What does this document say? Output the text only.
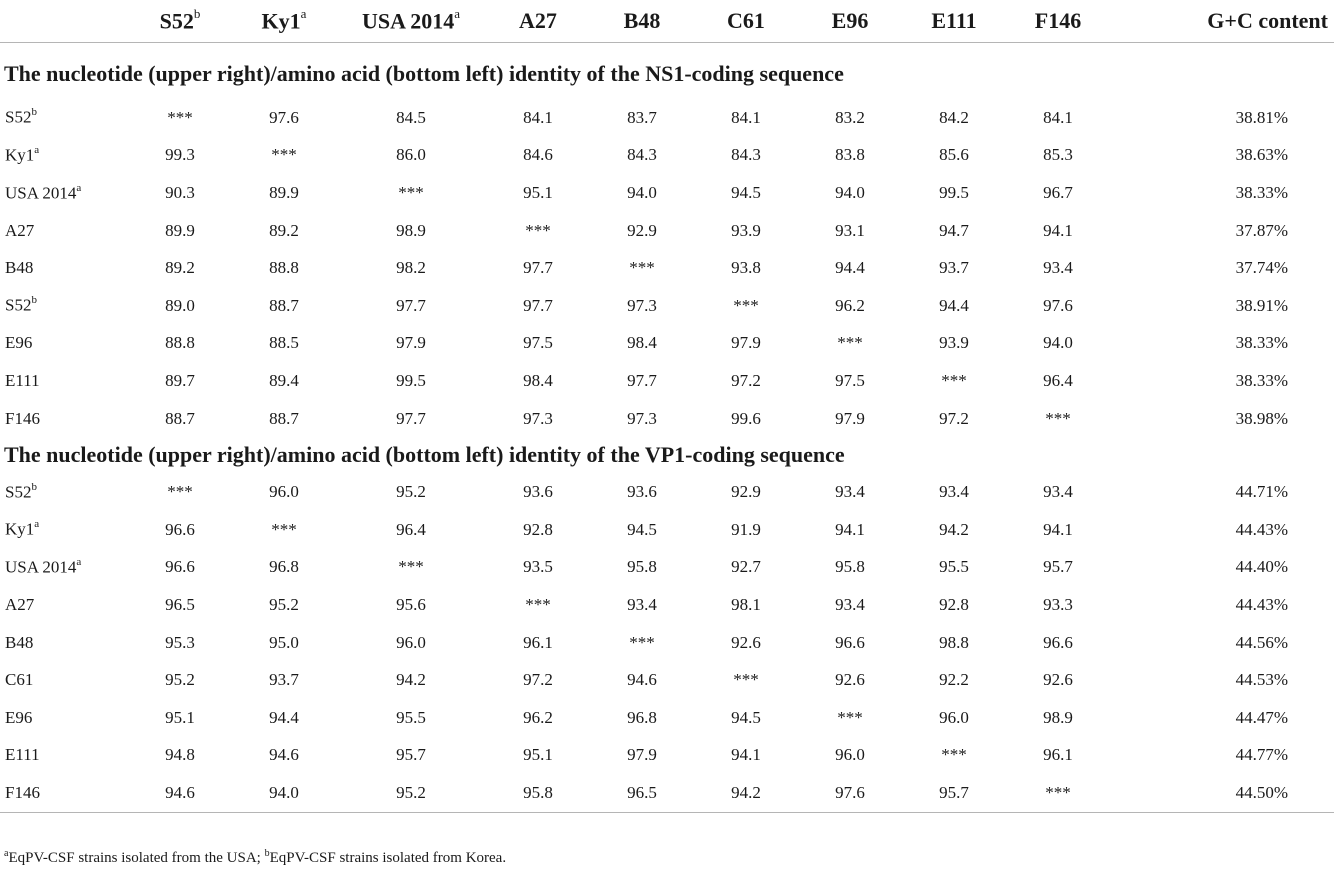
	S52$^b$	Ky1$^a$	USA 2014$^a$	A27	B48	C61	E96	E111	F146	G+C content
The nucleotide (upper right)/amino acid (bottom left) identity of the NS1-coding sequence										
S52$^b$	***	97.6	84.5	84.1	83.7	84.1	83.2	84.2	84.1	38.81%
Ky1$^a$	99.3	***	86.0	84.6	84.3	84.3	83.8	85.6	85.3	38.63%
USA 2014$^a$	90.3	89.9	***	95.1	94.0	94.5	94.0	99.5	96.7	38.33%
A27	89.9	89.2	98.9	***	92.9	93.9	93.1	94.7	94.1	37.87%
B48	89.2	88.8	98.2	97.7	***	93.8	94.4	93.7	93.4	37.74%
S52$^b$	89.0	88.7	97.7	97.7	97.3	***	96.2	94.4	97.6	38.91%
E96	88.8	88.5	97.9	97.5	98.4	97.9	***	93.9	94.0	38.33%
E111	89.7	89.4	99.5	98.4	97.7	97.2	97.5	***	96.4	38.33%
F146	88.7	88.7	97.7	97.3	97.3	99.6	97.9	97.2	***	38.98%
The nucleotide (upper right)/amino acid (bottom left) identity of the VP1-coding sequence										
S52$^b$	***	96.0	95.2	93.6	93.6	92.9	93.4	93.4	93.4	44.71%
Ky1$^a$	96.6	***	96.4	92.8	94.5	91.9	94.1	94.2	94.1	44.43%
USA 2014$^a$	96.6	96.8	***	93.5	95.8	92.7	95.8	95.5	95.7	44.40%
A27	96.5	95.2	95.6	***	93.4	98.1	93.4	92.8	93.3	44.43%
B48	95.3	95.0	96.0	96.1	***	92.6	96.6	98.8	96.6	44.56%
C61	95.2	93.7	94.2	97.2	94.6	***	92.6	92.2	92.6	44.53%
E96	95.1	94.4	95.5	96.2	96.8	94.5	***	96.0	98.9	44.47%
E111	94.8	94.6	95.7	95.1	97.9	94.1	96.0	***	96.1	44.77%
F146	94.6	94.0	95.2	95.8	96.5	94.2	97.6	95.7	***	44.50%
$^a$EqPV-CSF strains isolated from the USA; $^b$EqPV-CSF strains isolated from Korea.
